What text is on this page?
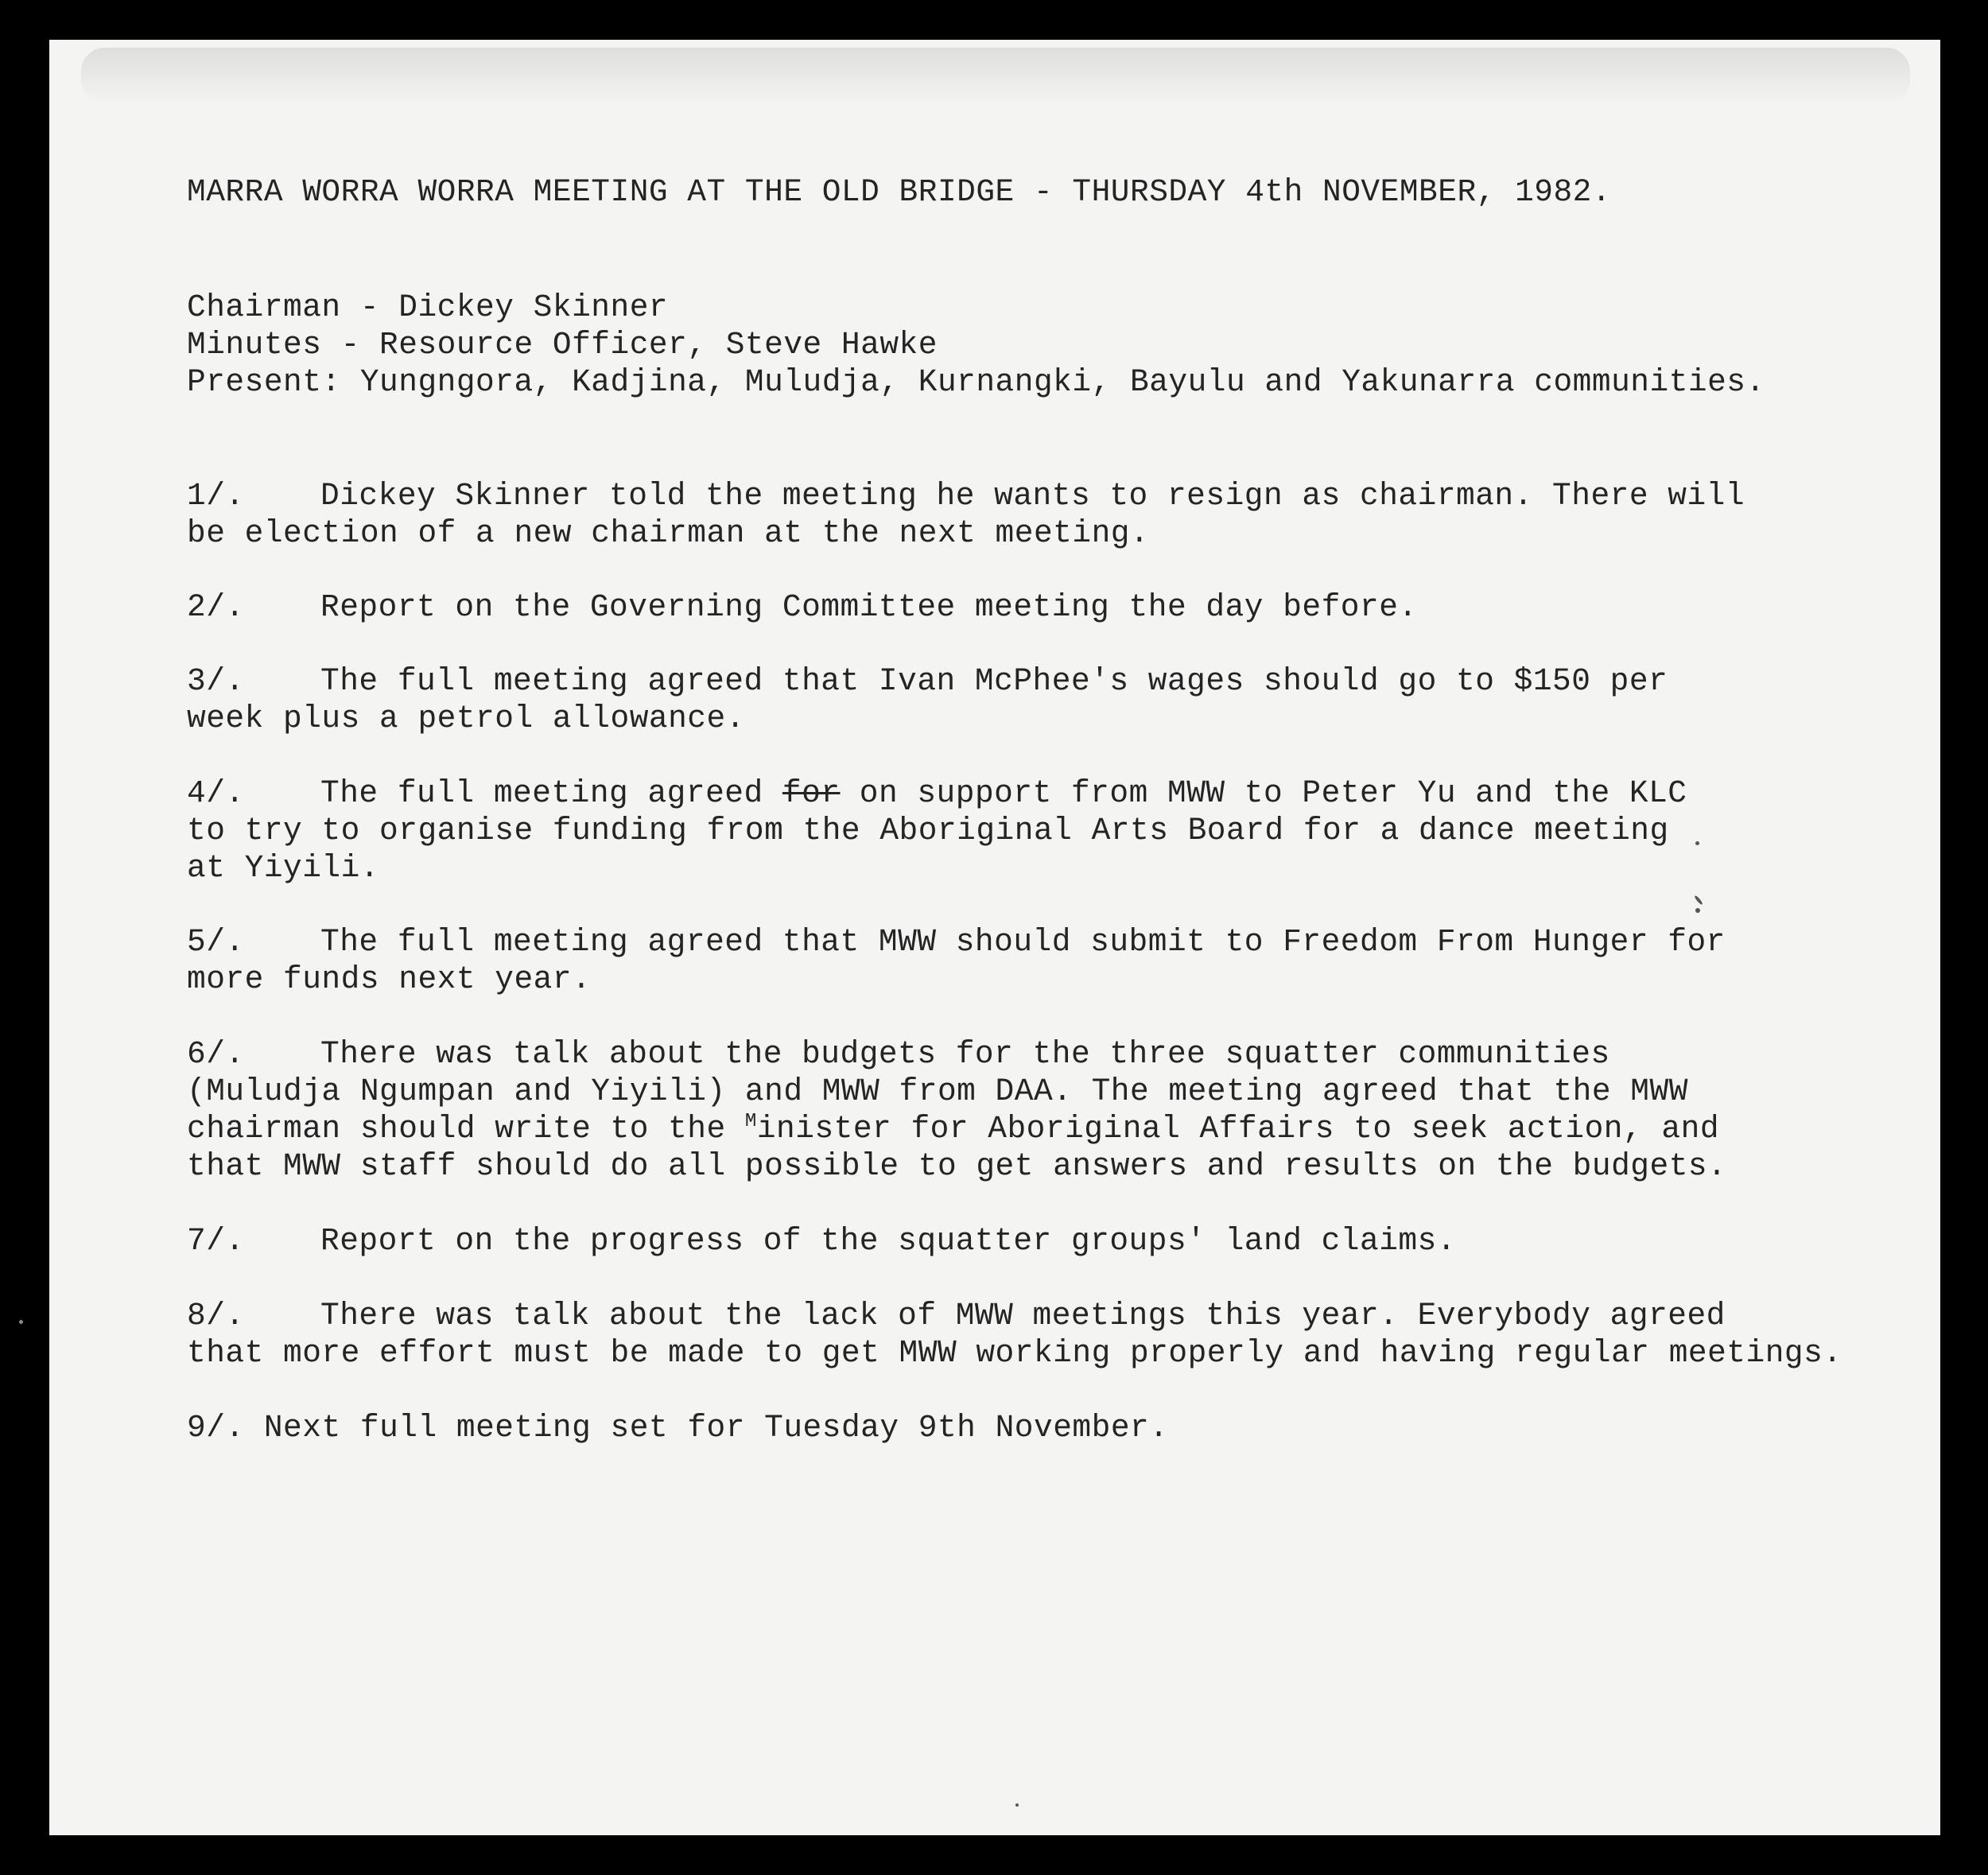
MARRA WORRA WORRA MEETING AT THE OLD BRIDGE - THURSDAY 4th NOVEMBER, 1982.
Chairman - Dickey Skinner
Minutes - Resource Officer, Steve Hawke
Present: Yungngora, Kadjina, Muludja, Kurnangki, Bayulu and Yakunarra communities.
1/. Dickey Skinner told the meeting he wants to resign as chairman. There will
be election of a new chairman at the next meeting.
2/. Report on the Governing Committee meeting the day before.
3/. The full meeting agreed that Ivan McPhee's wages should go to $150 per
week plus a petrol allowance.
4/. The full meeting agreed for on support from MWW to Peter Yu and the KLC
to try to organise funding from the Aboriginal Arts Board for a dance meeting
at Yiyili.
5/. The full meeting agreed that MWW should submit to Freedom From Hunger for
more funds next year.
6/. There was talk about the budgets for the three squatter communities
(Muludja Ngumpan and Yiyili) and MWW from DAA. The meeting agreed that the MWW
chairman should write to the $^M$inister for Aboriginal Affairs to seek action, and
that MWW staff should do all possible to get answers and results on the budgets.
7/. Report on the progress of the squatter groups' land claims.
8/. There was talk about the lack of MWW meetings this year. Everybody agreed
that more effort must be made to get MWW working properly and having regular meetings.
9/. Next full meeting set for Tuesday 9th November.
